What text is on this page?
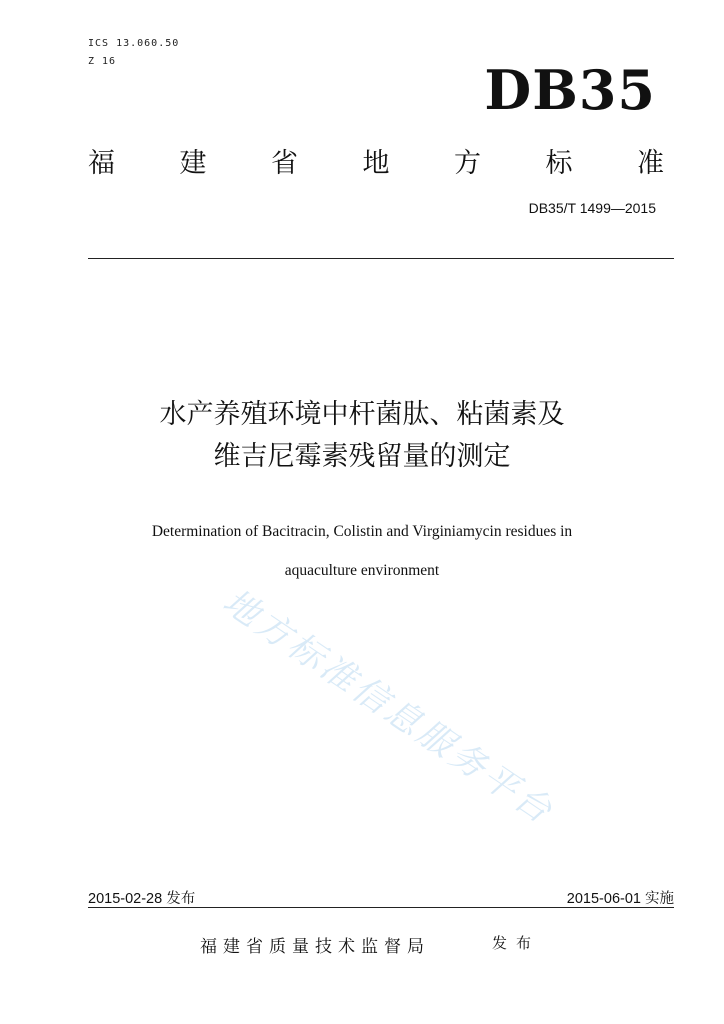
ICS 13.060.50
Z 16	DB35
福 建 省 地 方 标 准
DB35/T 1499—2015
水产养殖环境中杆菌肽、粘菌素及
维吉尼霉素残留量的测定
Determination of Bacitracin, Colistin and Virginiamycin residues in
aquaculture environment
地方标准信息服务平台
2015-02-28 发布	2015-06-01 实施
福建省质量技术监督局	发布
